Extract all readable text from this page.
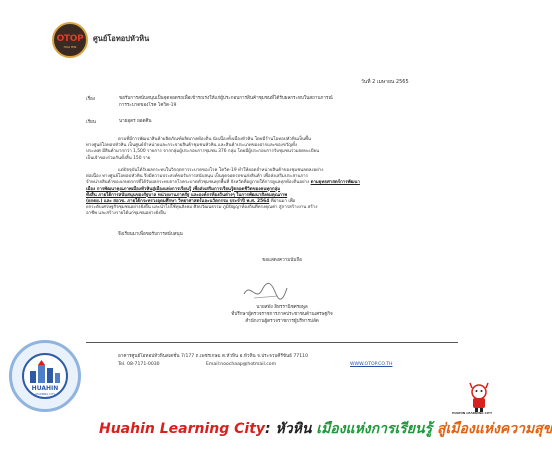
OTOP
HUA HIN
ศูนย์โอทอปหัวหิน
วันที่ 2 เมษายน 2565
เรื่อง	ขอรับการสนับสนุนเป็นจุดจอดรถเพื่อเข้ารถเร่งให้แก่ผู้ประกอบการสินค้าชุมชนที่ได้รับผลกระทบในสถานการณ์
การระบาดของโรค โควิด-19
เรียน	นายอุดร ยอดศิน
ตามที่มีการพัฒนาสินค้าผลิตภัณฑ์ผลิตภาคท้องถิ่น นับเนื่องทั้งเมืองหัวหิน โดยมีร้านโอทอปหัวหินเป็นพื้น
ทางศูนย์โอทอปหัวหิน เป็นศูนย์จำหน่ายและกระจายสินค้าชุมชนหัวหิน และสินค้าประเภทของฝากและของขวัญทั้ง
ประเทศ มีสินค้ามากกว่า 1,500 รายการ จากกลุ่มผู้ประกอบการชุมชน 376 กลุ่ม โดยมีผู้ประกอบการรับชุมชนร่วมจดทะเบียน
เป็นเจ้าของร่วมกันทั้งสิ้น 150 ราย
แต่ปัจจุบันได้รับผลกระทบในวิกฤตการระบาดของโรค โควิด-19 ทำให้ยอดจำหน่ายสินค้าของชุมชนลดลงอย่าง
ต่อเนื่อง ทางศูนย์โอทอปหัวหิน จึงมีความประสงค์ขอรับการสนับสนุน เป็นจุดจอดรถขนส่งสินค้า เพื่อส่งเสริมประสานการ
จำหน่ายสินค้าของเกษตรกรที่ได้รับผลกระทบจากโรคระบาดทั่วชุมชนทุกพื้นที่ จังหวัดที่อยู่ภายใต้การดูแลทุกท้องถิ่นอย่าง ตามยุทธศาสตร์การพัฒนา
เมือง การพัฒนาคุณภาพเมืองหัวหินสู่เมืองแห่งการเรียนรู้ เพื่อส่งเสริมการเรียนรู้ตลอดชีวิตของคนทุกกลุ่ม
ทั้งสิ้น ภายใต้การสนับสนุนของรัฐบาล หน่วยงานภาครัฐ และองค์กรท้องถิ่นต่างๆ ในการพัฒนาสังคมคุณภาพ
(ยกตย.) และ สอวช. ภายใต้กระทรวงอุดมศึกษา วิทยาศาสตร์และนวัตกรรม ประจำปี พ.ศ. 2564 ที่ผ่านมา เพื่อ
ยกระดับเศรษฐกิจชุมชนอย่างยั่งยืน และนำไปใช้ทุนสังคม ศิลปวัฒนธรรม ภูมิปัญญาท้องถิ่นที่ทรงคุณค่า สู่การสร้างงาน สร้าง
อาชีพ และสร้างรายได้แก่ชุมชนอย่างยั่งยืน
จึงเรียนมาเพื่อขอรับการสนับสนุน
ขอแสดงความนับถือ
นายสพัง อิทรรานิชศรยพูล
ที่ปรึกษาผู้ตรวจราชการภาคประชาชนด้านเศรษฐกิจ
สำนักงานผู้ตรวจราชการผู้บริหารปลัด
อาคารศูนย์โอทอปหัวหินสเตชั่น 7/177 ถ.เพชรเกษม ต.หัวหิน อ.หัวหิน จ.ประจวบคีรีขันธ์ 77110
Tel. 08-7171-0030	Email:noochaap@hotmail.com	WWW.OTOP.CO.TH
HUAHIN
LEARNING CITY
HUAHIN LEARNING CITY
Huahin Learning City: หัวหิน เมืองแห่งการเรียนรู้ สู่เมืองแห่งความสุข
